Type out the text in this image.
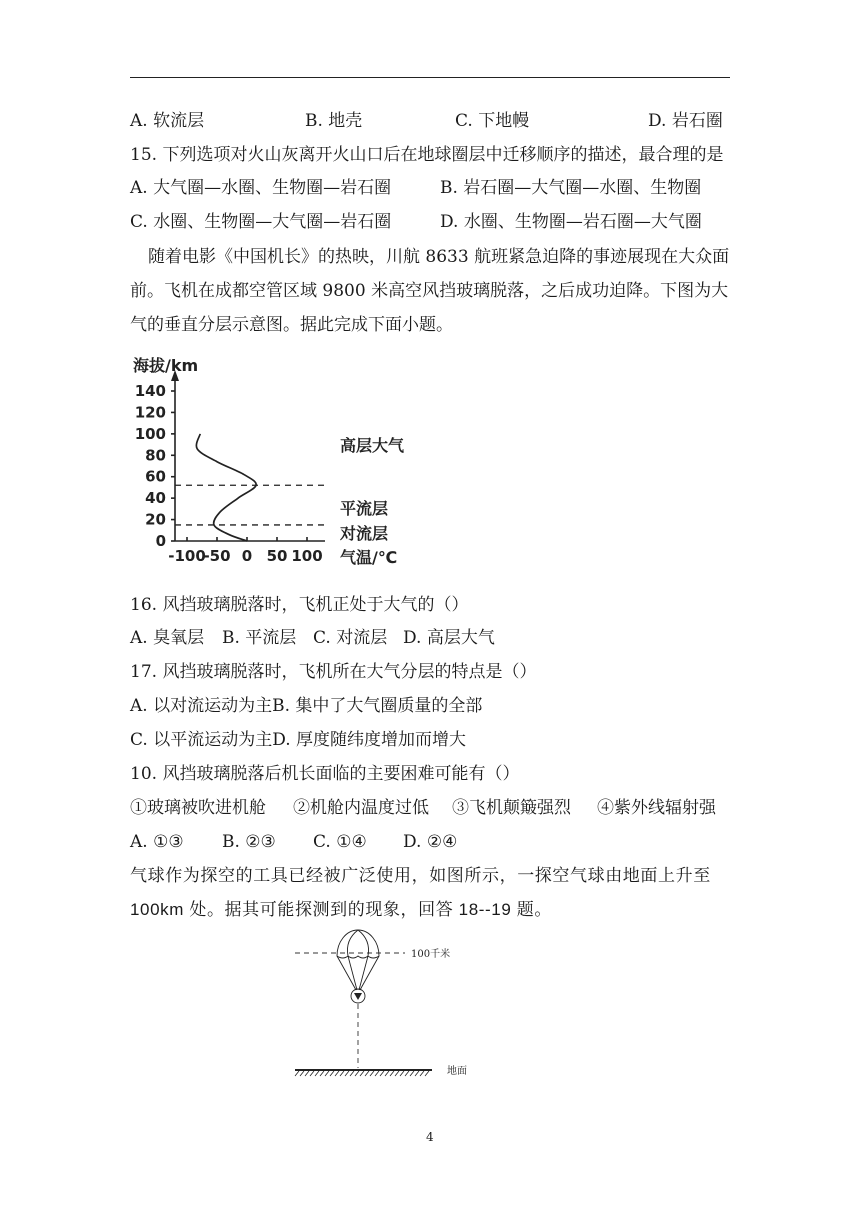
A. 软流层	B. 地壳	C. 下地幔	D. 岩石圈
15. 下列选项对火山灰离开火山口后在地球圈层中迁移顺序的描述，最合理的是
A. 大气圈—水圈、生物圈—岩石圈	B. 岩石圈—大气圈—水圈、生物圈
C. 水圈、生物圈—大气圈—岩石圈	D. 水圈、生物圈—岩石圈—大气圈
随着电影《中国机长》的热映，川航 8633 航班紧急迫降的事迹展现在大众面
前。飞机在成都空管区域 9800 米高空风挡玻璃脱落，之后成功迫降。下图为大
气的垂直分层示意图。据此完成下面小题。
0
20
40
60
80
100
120
140
-100
-50 0 50 100
海拔/km
气温/℃
高层大气
平流层
对流层
16. 风挡玻璃脱落时，飞机正处于大气的（）
A. 臭氧层 B. 平流层 C. 对流层 D. 高层大气
17. 风挡玻璃脱落时，飞机所在大气分层的特点是（）
A. 以对流运动为主B. 集中了大气圈质量的全部
C. 以平流运动为主D. 厚度随纬度增加而增大
10. 风挡玻璃脱落后机长面临的主要困难可能有（）
①玻璃被吹进机舱 ②机舱内温度过低 ③飞机颠簸强烈 ④紫外线辐射强
A. ①③ B. ②③ C. ①④ D. ②④
气球作为探空的工具已经被广泛使用，如图所示，一探空气球由地面上升至
100km 处。据其可能探测到的现象，回答 18--19 题。
100千米
地面
4
